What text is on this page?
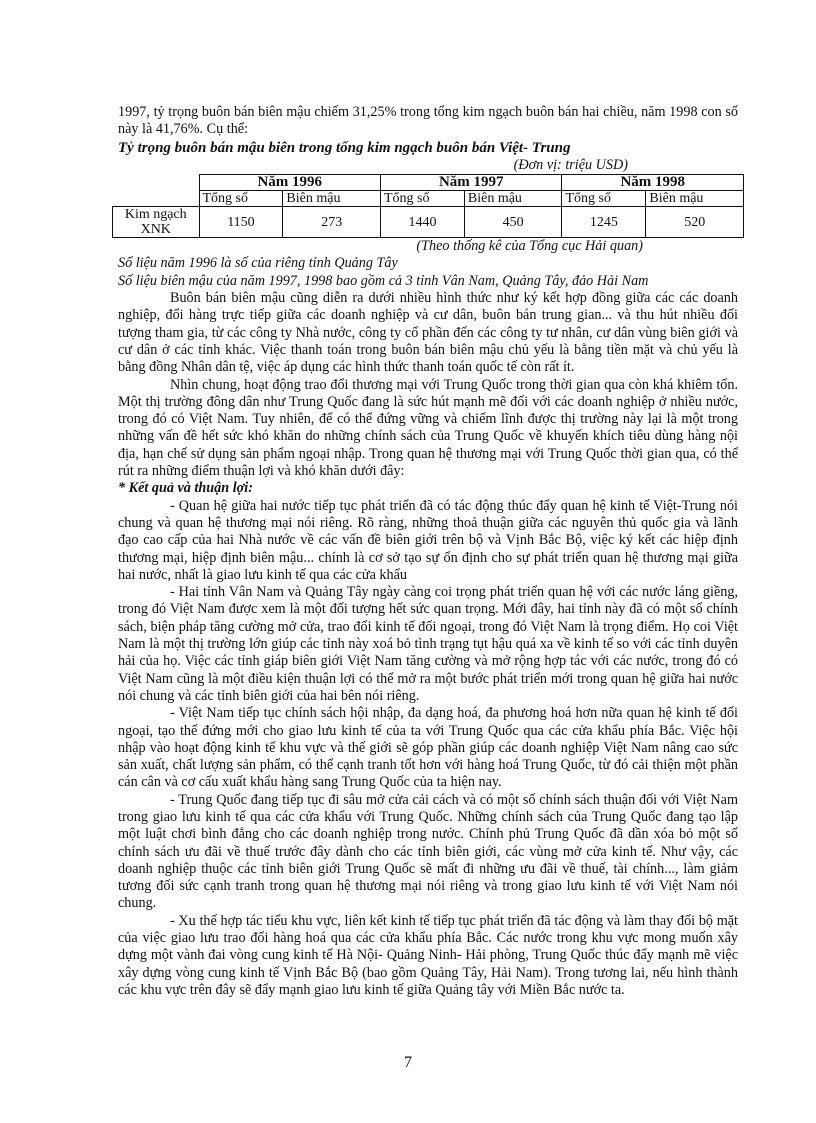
1997, tỷ trọng buôn bán biên mậu chiếm 31,25% trong tổng kim ngạch buôn bán hai chiều, năm 1998 con số này là 41,76%. Cụ thể:

Tỷ trọng buôn bán mậu biên trong tổng kim ngạch buôn bán Việt- Trung

(Đơn vị: triệu USD)

	Năm 1996		Năm 1997		Năm 1998	
	Tổng số	Biên mậu	Tổng số	Biên mậu	Tổng số	Biên mậu
Kim ngạch XNK	1150	273	1440	450	1245	520

(Theo thống kê của Tổng cục Hải quan)

Số liệu năm 1996 là số của riêng tỉnh Quảng Tây

Số liệu biên mậu của năm 1997, 1998 bao gồm cả 3 tỉnh Vân Nam, Quảng Tây, đảo Hải Nam

Buôn bán biên mậu cũng diễn ra dưới nhiều hình thức như ký kết hợp đồng giữa các các doanh nghiệp, đổi hàng trực tiếp giữa các doanh nghiệp và cư dân, buôn bán trung gian... và thu hút nhiều đối tượng tham gia, từ các công ty Nhà nước, công ty cổ phần đến các công ty tư nhân, cư dân vùng biên giới và cư dân ở các tỉnh khác. Việc thanh toán trong buôn bán biên mậu chủ yếu là bằng tiền mặt và chủ yếu là bằng đồng Nhân dân tệ, việc áp dụng các hình thức thanh toán quốc tế còn rất ít.

Nhìn chung, hoạt động trao đổi thương mại với Trung Quốc trong thời gian qua còn khá khiêm tốn. Một thị trường đông dân như Trung Quốc đang là sức hút mạnh mẽ đối với các doanh nghiệp ở nhiều nước, trong đó có Việt Nam. Tuy nhiên, để có thể đứng vững và chiếm lĩnh được thị trường này lại là một trong những vấn đề hết sức khó khăn do những chính sách của Trung Quốc về khuyến khích tiêu dùng hàng nội địa, hạn chế sử dụng sản phẩm ngoại nhập. Trong quan hệ thương mại với Trung Quốc thời gian qua, có thể rút ra những điểm thuận lợi và khó khăn dưới đây:

* Kết quả và thuận lợi:

- Quan hệ giữa hai nước tiếp tục phát triển đã có tác động thúc đẩy quan hệ kinh tế Việt-Trung nói chung và quan hệ thương mại nói riêng. Rõ ràng, những thoả thuận giữa các nguyên thủ quốc gia và lãnh đạo cao cấp của hai Nhà nước về các vấn đề biên giới trên bộ và Vịnh Bắc Bộ, việc ký kết các hiệp định thương mại, hiệp định biên mậu... chính là cơ sở tạo sự ổn định cho sự phát triển quan hệ thương mại giữa hai nước, nhất là giao lưu kinh tế qua các cửa khẩu

- Hai tỉnh Vân Nam và Quảng Tây ngày càng coi trọng phát triển quan hệ với các nước láng giềng, trong đó Việt Nam được xem là một đối tượng hết sức quan trọng. Mới đây, hai tỉnh này đã có một số chính sách, biện pháp tăng cường mở cửa, trao đổi kinh tế đối ngoại, trong đó Việt Nam là trọng điểm. Họ coi Việt Nam là một thị trường lớn giúp các tỉnh này xoá bỏ tình trạng tụt hậu quá xa về kinh tế so với các tỉnh duyên hải của họ. Việc các tỉnh giáp biên giới Việt Nam tăng cường và mở rộng hợp tác với các nước, trong đó có Việt Nam cũng là một điều kiện thuận lợi có thể mở ra một bước phát triển mới trong quan hệ giữa hai nước nói chung và các tỉnh biên giới của hai bên nói riêng.

- Việt Nam tiếp tục chính sách hội nhập, đa dạng hoá, đa phương hoá hơn nữa quan hệ kinh tế đối ngoại, tạo thế đứng mới cho giao lưu kinh tế của ta với Trung Quốc qua các cửa khẩu phía Bắc. Việc hội nhập vào hoạt động kinh tế khu vực và thế giới sẽ góp phần giúp các doanh nghiệp Việt Nam nâng cao sức sản xuất, chất lượng sản phẩm, có thể cạnh tranh tốt hơn với hàng hoá Trung Quốc, từ đó cải thiện một phần cán cân và cơ cấu xuất khẩu hàng sang Trung Quốc của ta hiện nay.

- Trung Quốc đang tiếp tục đi sâu mở cửa cải cách và có một số chính sách thuận đối với Việt Nam trong giao lưu kinh tế qua các cửa khẩu với Trung Quốc. Những chính sách của Trung Quốc đang tạo lập một luật chơi bình đẳng cho các doanh nghiệp trong nước. Chính phủ Trung Quốc đã dần xóa bỏ một số chính sách ưu đãi về thuế trước đây dành cho các tỉnh biên giới, các vùng mở cửa kinh tế. Như vậy, các doanh nghiệp thuộc các tỉnh biên giới Trung Quốc sẽ mất đi những ưu đãi về thuế, tài chính..., làm giảm tương đối sức cạnh tranh trong quan hệ thương mại nói riêng và trong giao lưu kinh tế với Việt Nam nói chung.

- Xu thế hợp tác tiểu khu vực, liên kết kinh tế tiếp tục phát triển đã tác động và làm thay đổi bộ mặt của việc giao lưu trao đổi hàng hoá qua các cửa khẩu phía Bắc. Các nước trong khu vực mong muốn xây dựng một vành đai vòng cung kinh tế Hà Nội- Quảng Ninh- Hải phòng, Trung Quốc thúc đẩy mạnh mẽ việc xây dựng vòng cung kinh tế Vịnh Bắc Bộ (bao gồm Quảng Tây, Hải Nam). Trong tương lai, nếu hình thành các khu vực trên đây sẽ đẩy mạnh giao lưu kinh tế giữa Quảng tây với Miền Bắc nước ta.

7
